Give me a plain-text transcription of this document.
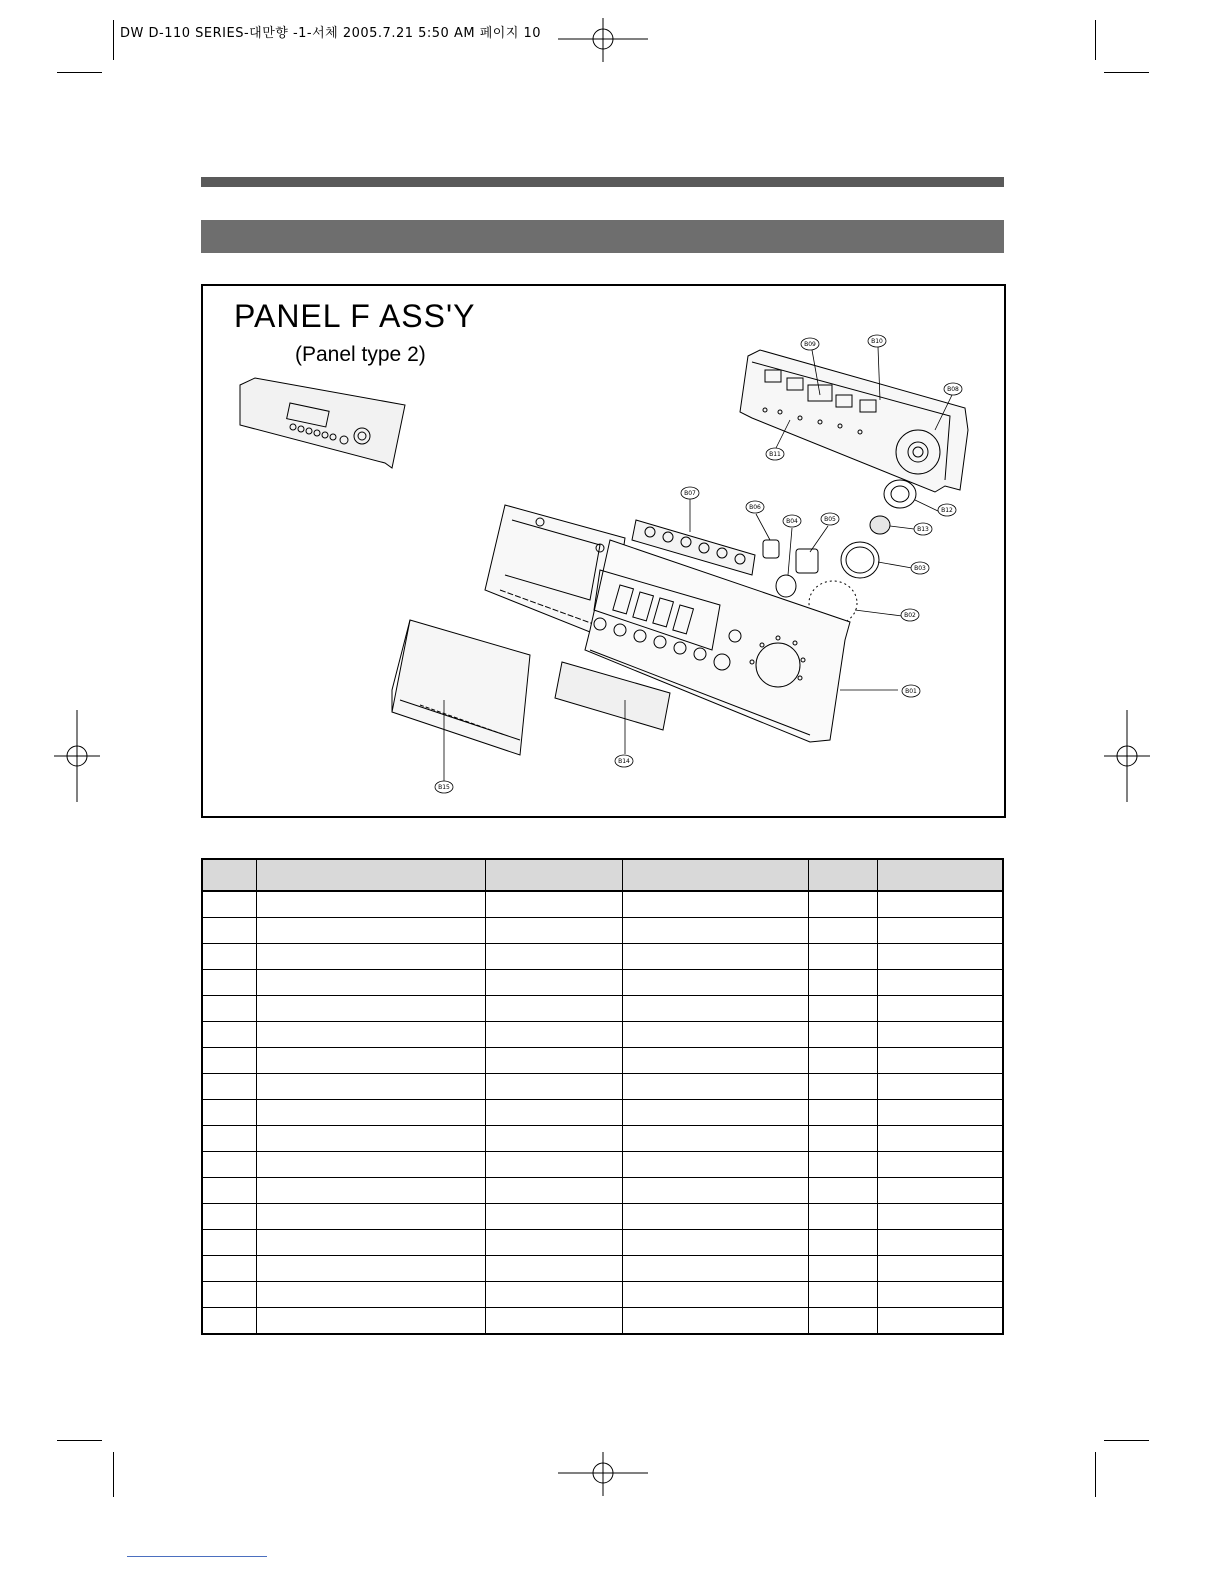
DW D-110 SERIES-대만향 -1-서체 2005.7.21 5:50 AM 페이지 10
PANEL F ASS'Y
(Panel type 2)	B09	B10
B08
B11
B12
B13
B07
B06
B04	B05
B03
B02
B01
B14
B15
